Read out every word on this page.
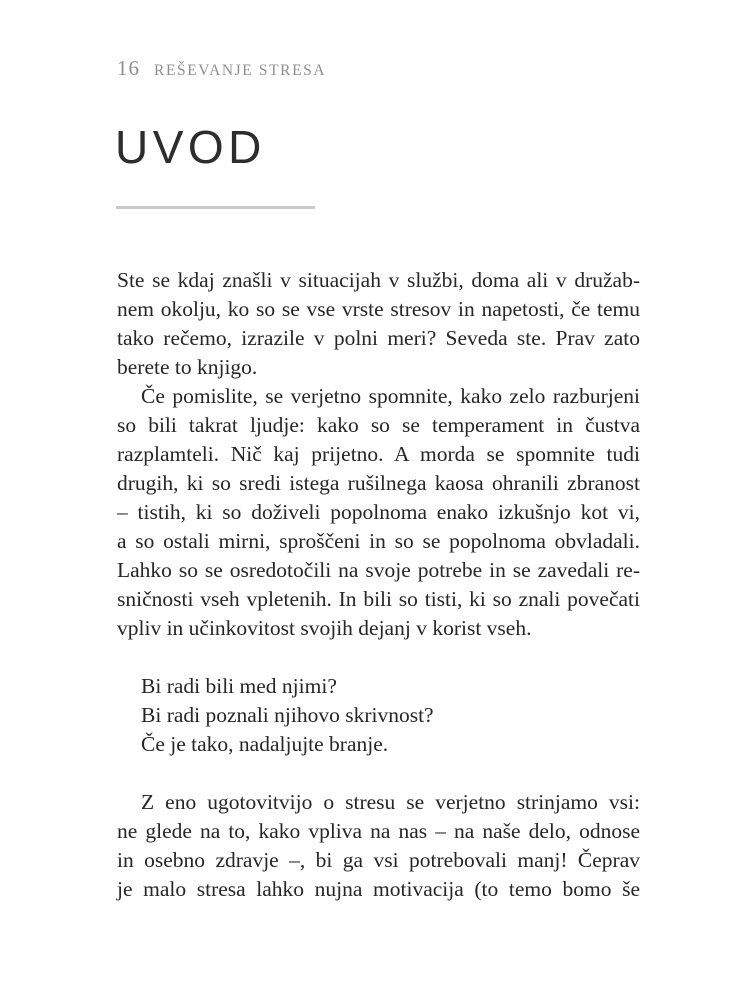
16 REŠEVANJE STRESA
UVOD
Ste se kdaj znašli v situacijah v službi, doma ali v družab-
nem okolju, ko so se vse vrste stresov in napetosti, če temu
tako rečemo, izrazile v polni meri? Seveda ste. Prav zato
berete to knjigo.
Če pomislite, se verjetno spomnite, kako zelo razburjeni
so bili takrat ljudje: kako so se temperament in čustva
razplamteli. Nič kaj prijetno. A morda se spomnite tudi
drugih, ki so sredi istega rušilnega kaosa ohranili zbranost
– tistih, ki so doživeli popolnoma enako izkušnjo kot vi,
a so ostali mirni, sproščeni in so se popolnoma obvladali.
Lahko so se osredotočili na svoje potrebe in se zavedali re-
sničnosti vseh vpletenih. In bili so tisti, ki so znali povečati
vpliv in učinkovitost svojih dejanj v korist vseh.
Bi radi bili med njimi?
Bi radi poznali njihovo skrivnost?
Če je tako, nadaljujte branje.
Z eno ugotovitvijo o stresu se verjetno strinjamo vsi:
ne glede na to, kako vpliva na nas – na naše delo, odnose
in osebno zdravje –, bi ga vsi potrebovali manj! Čeprav
je malo stresa lahko nujna motivacija (to temo bomo še
